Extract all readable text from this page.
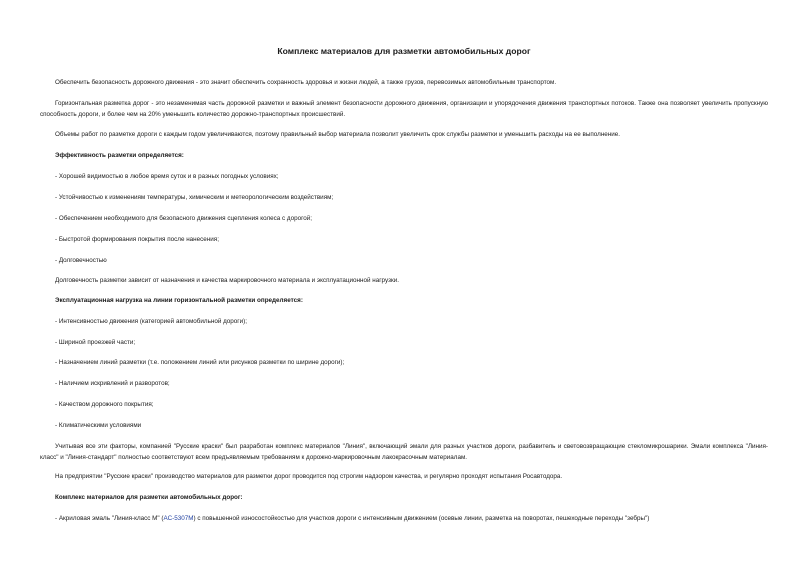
Комплекс материалов для разметки автомобильных дорог

Обеспечить безопасность дорожного движения - это значит обеспечить сохранность здоровья и жизни людей, а также грузов, перевозимых автомобильным транспортом.

Горизонтальная разметка дорог - это незаменимая часть дорожной разметки и важный элемент безопасности дорожного движения, организации и упорядочения движения транспортных потоков. Также она позволяет увеличить пропускную способность дороги, и более чем на 20% уменьшить количество дорожно-транспортных происшествий.

Объемы работ по разметке дороги с каждым годом увеличиваются, поэтому правильный выбор материала позволит увеличить срок службы разметки и уменьшить расходы на ее выполнение.

Эффективность разметки определяется:

- Хорошей видимостью в любое время суток и в разных погодных условиях;

- Устойчивостью к изменениям температуры, химическим и метеорологическим воздействиям;

- Обеспечением необходимого для безопасного движения сцепления колеса с дорогой;

- Быстротой формирования покрытия после нанесения;

- Долговечностью

Долговечность разметки зависит от назначения и качества маркировочного материала и эксплуатационной нагрузки.

Эксплуатационная нагрузка на линии горизонтальной разметки определяется:

- Интенсивностью движения (категорией автомобильной дороги);

- Шириной проезжей части;

- Назначением линий разметки (т.е. положением линий или рисунков разметки по ширине дороги);

- Наличием искривлений и разворотов;

- Качеством дорожного покрытия;

- Климатическими условиями

Учитывая все эти факторы, компанией "Русские краски" был разработан комплекс материалов "Линия", включающий эмали для разных участков дороги, разбавитель и световозвращающие стекломикрошарики. Эмали комплекса "Линия-класс" и "Линия-стандарт" полностью соответствуют всем предъявляемым требованиям к дорожно-маркировочным лакокрасочным материалам.

На предприятии "Русские краски" производство материалов для разметки дорог проводится под строгим надзором качества, и регулярно проходят испытания Росавтодора.

Комплекс материалов для разметки автомобильных дорог:

- Акриловая эмаль "Линия-класс М" (АС-5307М) с повышенной износостойкостью для участков дороги с интенсивным движением (осевые линии, разметка на поворотах, пешеходные переходы "зебры")
